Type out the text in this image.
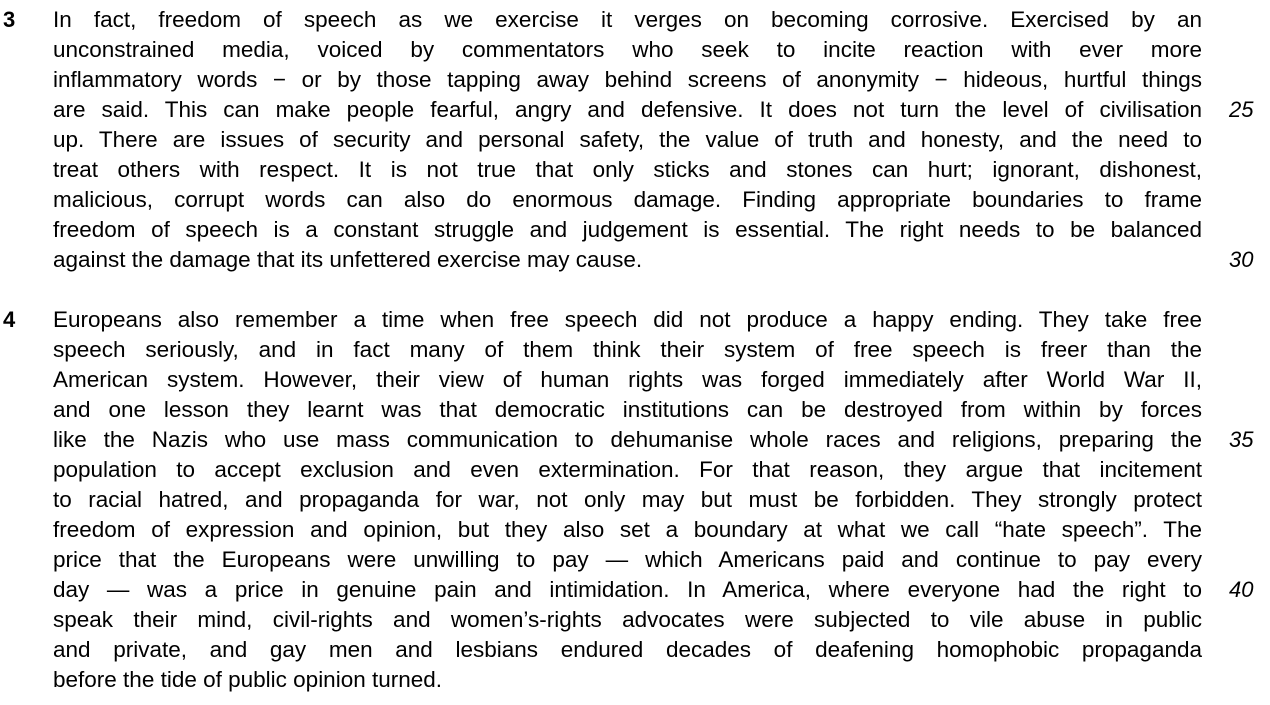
3 In fact, freedom of speech as we exercise it verges on becoming corrosive. Exercised by an
unconstrained media, voiced by commentators who seek to incite reaction with ever more
inflammatory words − or by those tapping away behind screens of anonymity − hideous, hurtful things
are said. This can make people fearful, angry and defensive. It does not turn the level of civilisation
up. There are issues of security and personal safety, the value of truth and honesty, and the need to
treat others with respect. It is not true that only sticks and stones can hurt; ignorant, dishonest,
malicious, corrupt words can also do enormous damage. Finding appropriate boundaries to frame
freedom of speech is a constant struggle and judgement is essential. The right needs to be balanced
against the damage that its unfettered exercise may cause.
4 Europeans also remember a time when free speech did not produce a happy ending. They take free
speech seriously, and in fact many of them think their system of free speech is freer than the
American system. However, their view of human rights was forged immediately after World War II,
and one lesson they learnt was that democratic institutions can be destroyed from within by forces
like the Nazis who use mass communication to dehumanise whole races and religions, preparing the
population to accept exclusion and even extermination. For that reason, they argue that incitement
to racial hatred, and propaganda for war, not only may but must be forbidden. They strongly protect
freedom of expression and opinion, but they also set a boundary at what we call “hate speech”. The
price that the Europeans were unwilling to pay — which Americans paid and continue to pay every
day — was a price in genuine pain and intimidation. In America, where everyone had the right to
speak their mind, civil-rights and women’s-rights advocates were subjected to vile abuse in public
and private, and gay men and lesbians endured decades of deafening homophobic propaganda
before the tide of public opinion turned.
25
30
35
40
